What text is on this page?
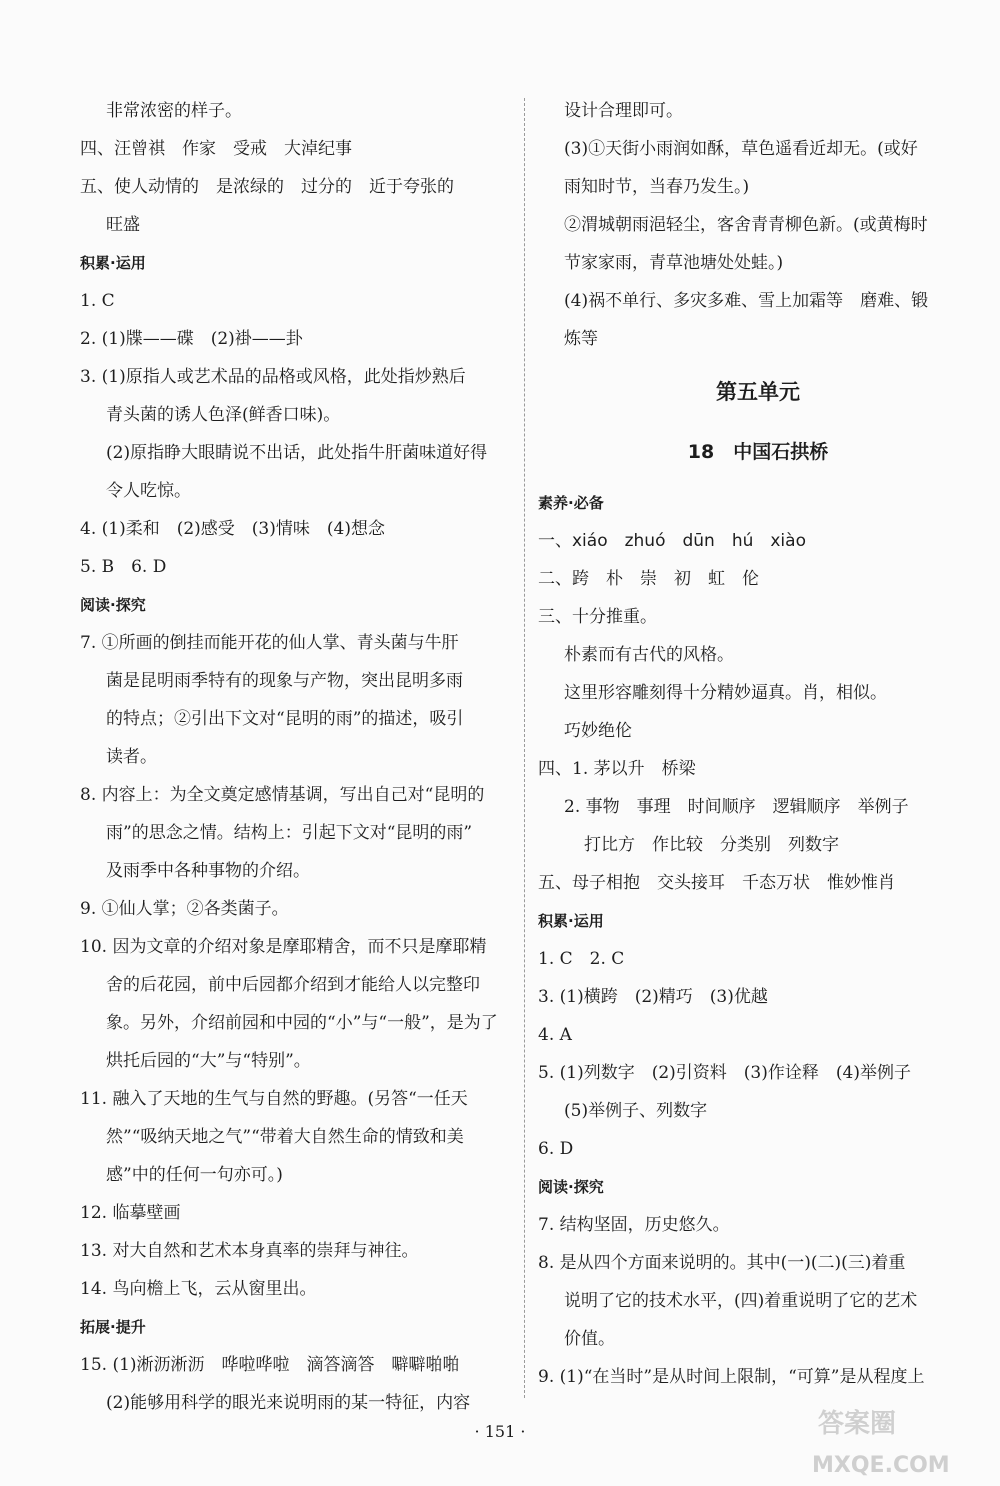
非常浓密的样子。
四、汪曾祺　作家　受戒　大淖纪事
五、使人动情的　是浓绿的　过分的　近于夸张的
旺盛
积累·运用
1. C
2. (1)牒——碟　(2)褂——卦
3. (1)原指人或艺术品的品格或风格，此处指炒熟后
青头菌的诱人色泽(鲜香口味)。
(2)原指睁大眼睛说不出话，此处指牛肝菌味道好得
令人吃惊。
4. (1)柔和　(2)感受　(3)情味　(4)想念
5. B　6. D
阅读·探究
7. ①所画的倒挂而能开花的仙人掌、青头菌与牛肝
菌是昆明雨季特有的现象与产物，突出昆明多雨
的特点；②引出下文对“昆明的雨”的描述，吸引
读者。
8. 内容上：为全文奠定感情基调，写出自己对“昆明的
雨”的思念之情。结构上：引起下文对“昆明的雨”
及雨季中各种事物的介绍。
9. ①仙人掌；②各类菌子。
10. 因为文章的介绍对象是摩耶精舍，而不只是摩耶精
舍的后花园，前中后园都介绍到才能给人以完整印
象。另外，介绍前园和中园的“小”与“一般”，是为了
烘托后园的“大”与“特别”。
11. 融入了天地的生气与自然的野趣。(另答“一任天
然”“吸纳天地之气”“带着大自然生命的情致和美
感”中的任何一句亦可。)
12. 临摹壁画
13. 对大自然和艺术本身真率的崇拜与神往。
14. 鸟向檐上飞，云从窗里出。
拓展·提升
15. (1)淅沥淅沥　哗啦哗啦　滴答滴答　噼噼啪啪
(2)能够用科学的眼光来说明雨的某一特征，内容
设计合理即可。
(3)①天街小雨润如酥，草色遥看近却无。(或好
雨知时节，当春乃发生。)
②渭城朝雨浥轻尘，客舍青青柳色新。(或黄梅时
节家家雨，青草池塘处处蛙。)
(4)祸不单行、多灾多难、雪上加霜等　磨难、锻
炼等
第五单元
18　中国石拱桥
素养·必备
一、xiáo　zhuó　dūn　hú　xiào
二、跨　朴　崇　初　虹　伦
三、十分推重。
朴素而有古代的风格。
这里形容雕刻得十分精妙逼真。肖，相似。
巧妙绝伦
四、1. 茅以升　桥梁
2. 事物　事理　时间顺序　逻辑顺序　举例子
打比方　作比较　分类别　列数字
五、母子相抱　交头接耳　千态万状　惟妙惟肖
积累·运用
1. C　2. C
3. (1)横跨　(2)精巧　(3)优越
4. A
5. (1)列数字　(2)引资料　(3)作诠释　(4)举例子
(5)举例子、列数字
6. D
阅读·探究
7. 结构坚固，历史悠久。
8. 是从四个方面来说明的。其中(一)(二)(三)着重
说明了它的技术水平，(四)着重说明了它的艺术
价值。
9. (1)“在当时”是从时间上限制，“可算”是从程度上
· 151 ·	答案圈
MXQE.COM
